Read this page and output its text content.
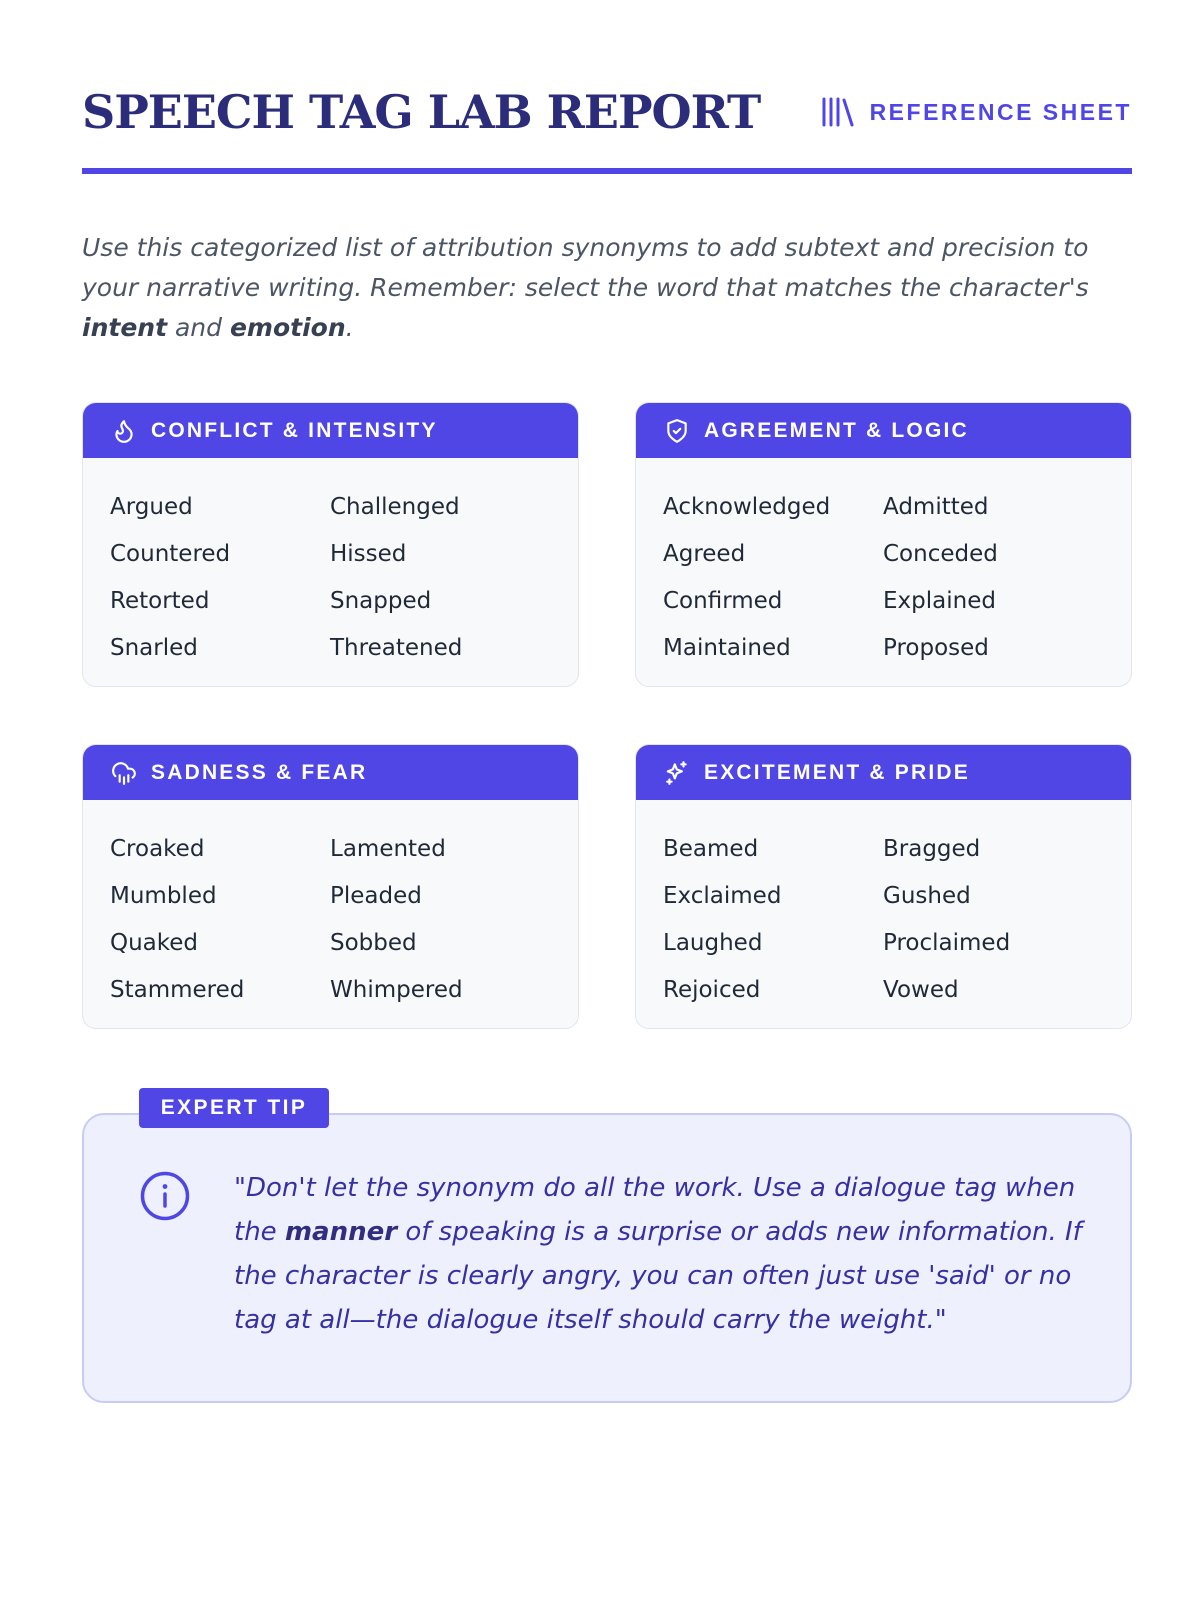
SPEECH TAG LAB REPORT	REFERENCE SHEET

Use this categorized list of attribution synonyms to add subtext and precision to your narrative writing. Remember: select the word that matches the character's intent and emotion.

CONFLICT & INTENSITY
Argued	Challenged
Countered	Hissed
Retorted	Snapped
Snarled	Threatened
AGREEMENT & LOGIC
Acknowledged	Admitted
Agreed	Conceded
Confirmed	Explained
Maintained	Proposed
SADNESS & FEAR
Croaked	Lamented
Mumbled	Pleaded
Quaked	Sobbed
Stammered	Whimpered
EXCITEMENT & PRIDE
Beamed	Bragged
Exclaimed	Gushed
Laughed	Proclaimed
Rejoiced	Vowed
EXPERT TIP

"Don't let the synonym do all the work. Use a dialogue tag when the manner of speaking is a surprise or adds new information. If the character is clearly angry, you can often just use 'said' or no tag at all—the dialogue itself should carry the weight."
